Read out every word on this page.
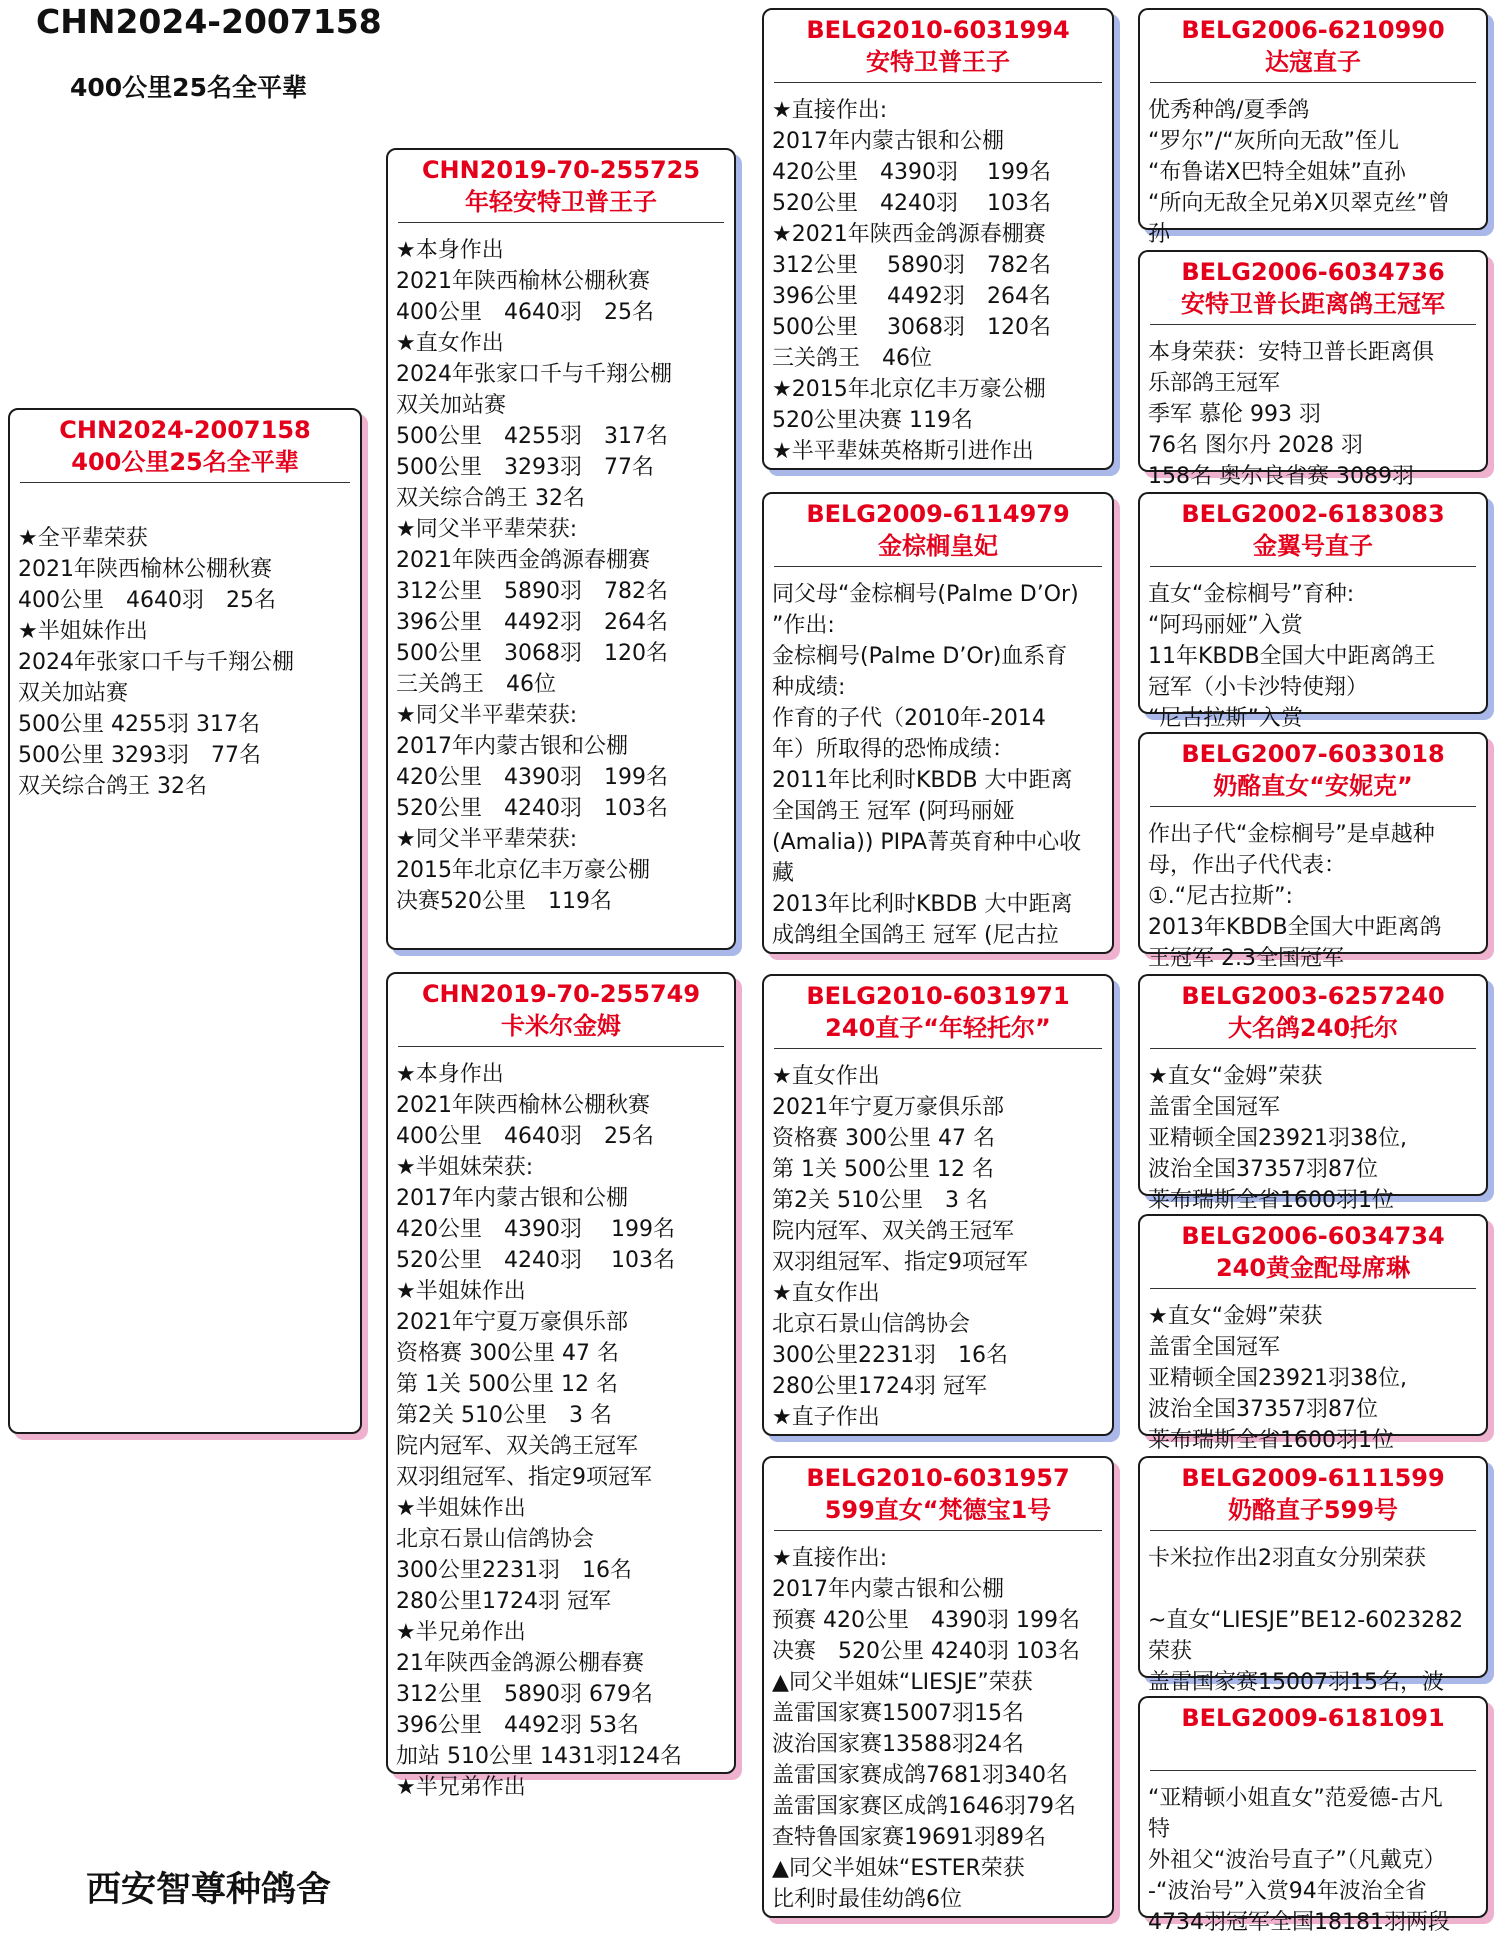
CHN2024-2007158
400公里25名全平辈
CHN2024-2007158
400公里25名全平辈
★全平辈荣获
2021年陕西榆林公棚秋赛
400公里　4640羽　25名
★半姐妹作出
2024年张家口千与千翔公棚
双关加站赛
500公里 4255羽 317名
500公里 3293羽　77名
双关综合鸽王 32名
CHN2019-70-255725
年轻安特卫普王子
★本身作出
2021年陕西榆林公棚秋赛
400公里　4640羽　25名
★直女作出
2024年张家口千与千翔公棚
双关加站赛
500公里　4255羽　317名
500公里　3293羽　77名
双关综合鸽王 32名
★同父半平辈荣获:
2021年陕西金鸽源春棚赛
312公里　5890羽　782名
396公里　4492羽　264名
500公里　3068羽　120名
三关鸽王　46位
★同父半平辈荣获:
2017年内蒙古银和公棚
420公里　4390羽　199名
520公里　4240羽　103名
★同父半平辈荣获:
2015年北京亿丰万豪公棚
决赛520公里　119名
CHN2019-70-255749
卡米尔金姆
★本身作出
2021年陕西榆林公棚秋赛
400公里　4640羽　25名
★半姐妹荣获:
2017年内蒙古银和公棚
420公里　4390羽　 199名
520公里　4240羽　 103名
★半姐妹作出
2021年宁夏万豪俱乐部
资格赛 300公里 47 名
第 1关 500公里 12 名
第2关 510公里　3 名
院内冠军、双关鸽王冠军
双羽组冠军、指定9项冠军
★半姐妹作出
北京石景山信鸽协会
300公里2231羽　16名
280公里1724羽 冠军
★半兄弟作出
21年陕西金鸽源公棚春赛
312公里　5890羽 679名
396公里　4492羽 53名
加站 510公里 1431羽124名
★半兄弟作出
BELG2010-6031994
安特卫普王子
★直接作出:
2017年内蒙古银和公棚
420公里　4390羽　 199名
520公里　4240羽　 103名
★2021年陕西金鸽源春棚赛
312公里　 5890羽　782名
396公里　 4492羽　264名
500公里　 3068羽　120名
三关鸽王　46位
★2015年北京亿丰万豪公棚
520公里决赛 119名
★半平辈妹英格斯引进作出
BELG2009-6114979
金棕榈皇妃
同父母“金棕榈号(Palme D’Or)
”作出:
金棕榈号(Palme D’Or)血系育
种成绩:
作育的子代（2010年-2014
年）所取得的恐怖成绩：
2011年比利时KBDB 大中距离
全国鸽王 冠军 (阿玛丽娅
(Amalia)) PIPA菁英育种中心收
藏
2013年比利时KBDB 大中距离
成鸽组全国鸽王 冠军 (尼古拉
BELG2010-6031971
240直子“年轻托尔”
★直女作出
2021年宁夏万豪俱乐部
资格赛 300公里 47 名
第 1关 500公里 12 名
第2关 510公里　3 名
院内冠军、双关鸽王冠军
双羽组冠军、指定9项冠军
★直女作出
北京石景山信鸽协会
300公里2231羽　16名
280公里1724羽 冠军
★直子作出
BELG2010-6031957
599直女“梵德宝1号
★直接作出:
2017年内蒙古银和公棚
预赛 420公里　4390羽 199名
决赛　520公里 4240羽 103名
▲同父半姐妹“LIESJE”荣获
盖雷国家赛15007羽15名
波治国家赛13588羽24名
盖雷国家赛成鸽7681羽340名
盖雷国家赛区成鸽1646羽79名
查特鲁国家赛19691羽89名
▲同父半姐妹“ESTER荣获
比利时最佳幼鸽6位
BELG2006-6210990
达寇直子
优秀种鸽/夏季鸽
“罗尔”/“灰所向无敌”侄儿
“布鲁诺X巴特全姐妹”直孙
“所向无敌全兄弟X贝翠克丝”曾
孙
BELG2006-6034736
安特卫普长距离鸽王冠军
本身荣获：安特卫普长距离俱
乐部鸽王冠军
季军 慕伦 993 羽
76名 图尔丹 2028 羽
158名 奥尔良省赛 3089羽
BELG2002-6183083
金翼号直子
直女“金棕榈号”育种:
“阿玛丽娅”入赏
11年KBDB全国大中距离鸽王
冠军（小卡沙特使翔）
“尼古拉斯”入赏
BELG2007-6033018
奶酪直女“安妮克”
作出子代“金棕榈号”是卓越种
母，作出子代代表：
①.“尼古拉斯”:
2013年KBDB全国大中距离鸽
王冠军 2.3全国冠军
BELG2003-6257240
大名鸽240托尔
★直女“金姆”荣获
盖雷全国冠军
亚精顿全国23921羽38位,
波治全国37357羽87位
莱布瑞斯全省1600羽1位
BELG2006-6034734
240黄金配母席琳
★直女“金姆”荣获
盖雷全国冠军
亚精顿全国23921羽38位,
波治全国37357羽87位
莱布瑞斯全省1600羽1位
BELG2009-6111599
奶酪直子599号
卡米拉作出2羽直女分别荣获

~直女“LIESJE”BE12-6023282
荣获
盖雷国家赛15007羽15名，波
BELG2009-6181091

“亚精顿小姐直女”范爱德-古凡
特
外祖父“波治号直子”（凡戴克）
-“波治号”入赏94年波治全省
4734羽冠军全国18181羽两段
西安智尊种鸽舍
